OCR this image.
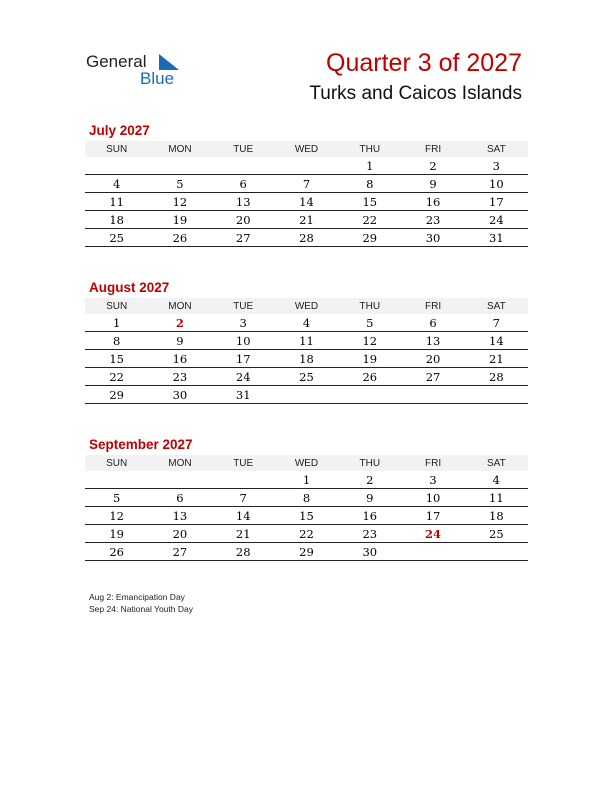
General
Blue
Quarter 3 of 2027
Turks and Caicos Islands
July 2027
SUN	MON	TUE	WED	THU	FRI	SAT
				1	2	3
4	5	6	7	8	9	10
11	12	13	14	15	16	17
18	19	20	21	22	23	24
25	26	27	28	29	30	31
August 2027
SUN	MON	TUE	WED	THU	FRI	SAT
1	2	3	4	5	6	7
8	9	10	11	12	13	14
15	16	17	18	19	20	21
22	23	24	25	26	27	28
29	30	31				
September 2027
SUN	MON	TUE	WED	THU	FRI	SAT
			1	2	3	4
5	6	7	8	9	10	11
12	13	14	15	16	17	18
19	20	21	22	23	24	25
26	27	28	29	30		
Aug 2: Emancipation Day
Sep 24: National Youth Day
